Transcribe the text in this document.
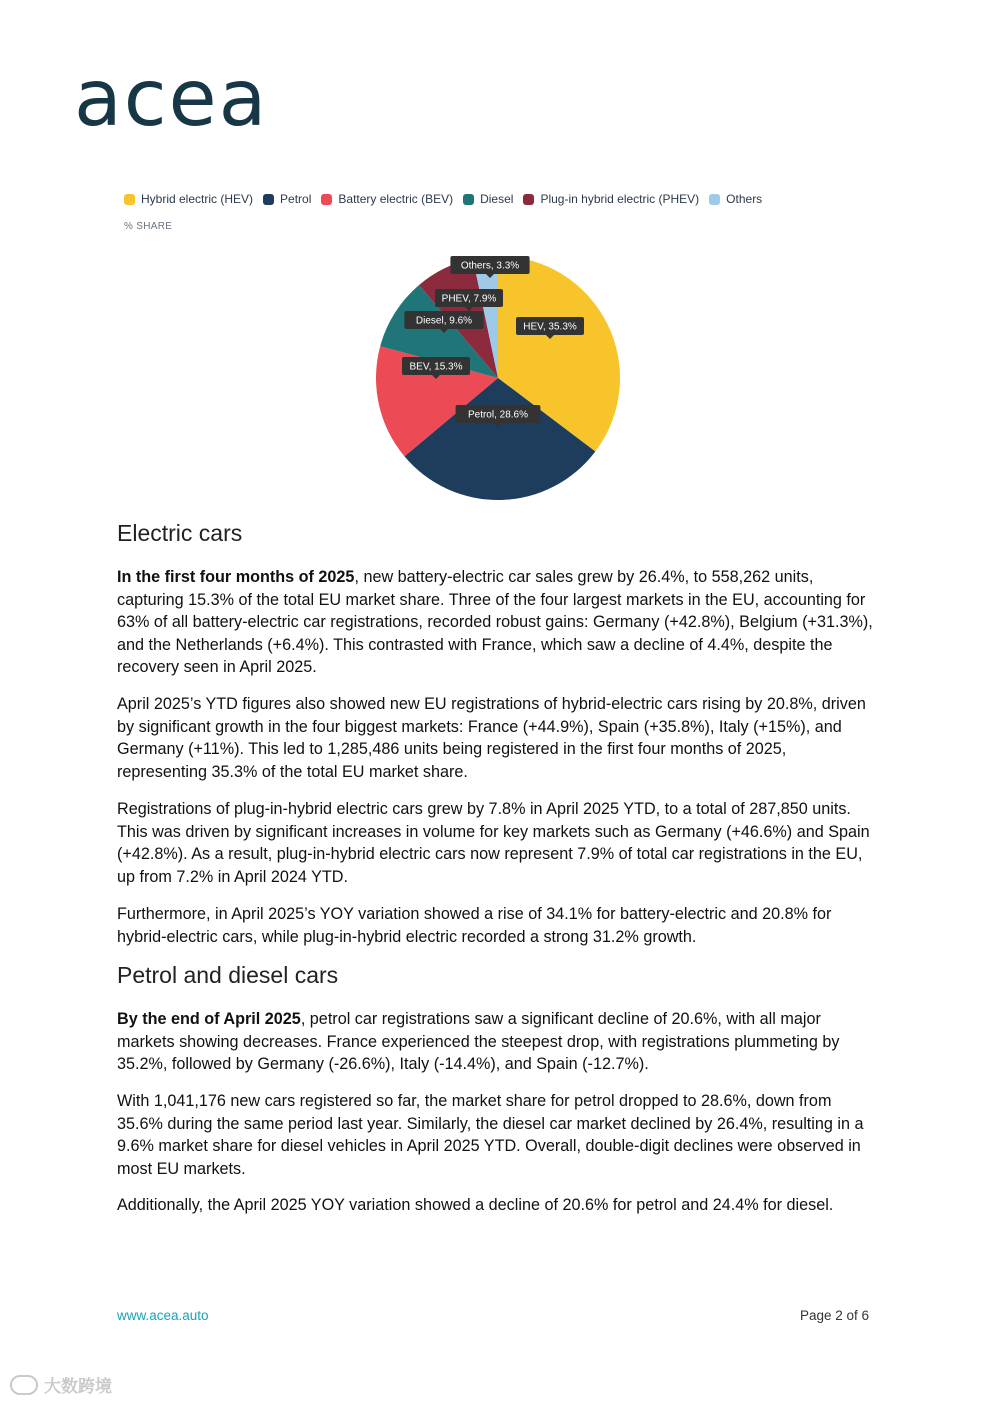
acea
Hybrid electric (HEV) Petrol Battery electric (BEV) Diesel Plug-in hybrid electric (PHEV) Others
% SHARE
HEV, 35.3%
Petrol, 28.6%
BEV, 15.3%
Diesel, 9.6%
PHEV, 7.9%
Others, 3.3%
Electric cars

In the first four months of 2025, new battery-electric car sales grew by 26.4%, to 558,262 units, capturing 15.3% of the total EU market share. Three of the four largest markets in the EU, accounting for 63% of all battery-electric car registrations, recorded robust gains: Germany (+42.8%), Belgium (+31.3%), and the Netherlands (+6.4%). This contrasted with France, which saw a decline of 4.4%, despite the recovery seen in April 2025.

April 2025’s YTD figures also showed new EU registrations of hybrid-electric cars rising by 20.8%, driven by significant growth in the four biggest markets: France (+44.9%), Spain (+35.8%), Italy (+15%), and Germany (+11%). This led to 1,285,486 units being registered in the first four months of 2025, representing 35.3% of the total EU market share.

Registrations of plug-in-hybrid electric cars grew by 7.8% in April 2025 YTD, to a total of 287,850 units. This was driven by significant increases in volume for key markets such as Germany (+46.6%) and Spain (+42.8%). As a result, plug-in-hybrid electric cars now represent 7.9% of total car registrations in the EU, up from 7.2% in April 2024 YTD.

Furthermore, in April 2025’s YOY variation showed a rise of 34.1% for battery-electric and 20.8% for hybrid-electric cars, while plug-in-hybrid electric recorded a strong 31.2% growth.

Petrol and diesel cars

By the end of April 2025, petrol car registrations saw a significant decline of 20.6%, with all major markets showing decreases. France experienced the steepest drop, with registrations plummeting by 35.2%, followed by Germany (-26.6%), Italy (-14.4%), and Spain (-12.7%).

With 1,041,176 new cars registered so far, the market share for petrol dropped to 28.6%, down from 35.6% during the same period last year. Similarly, the diesel car market declined by 26.4%, resulting in a 9.6% market share for diesel vehicles in April 2025 YTD. Overall, double-digit declines were observed in most EU markets.

Additionally, the April 2025 YOY variation showed a decline of 20.6% for petrol and 24.4% for diesel.

www.acea.auto	Page 2 of 6
大数跨境
